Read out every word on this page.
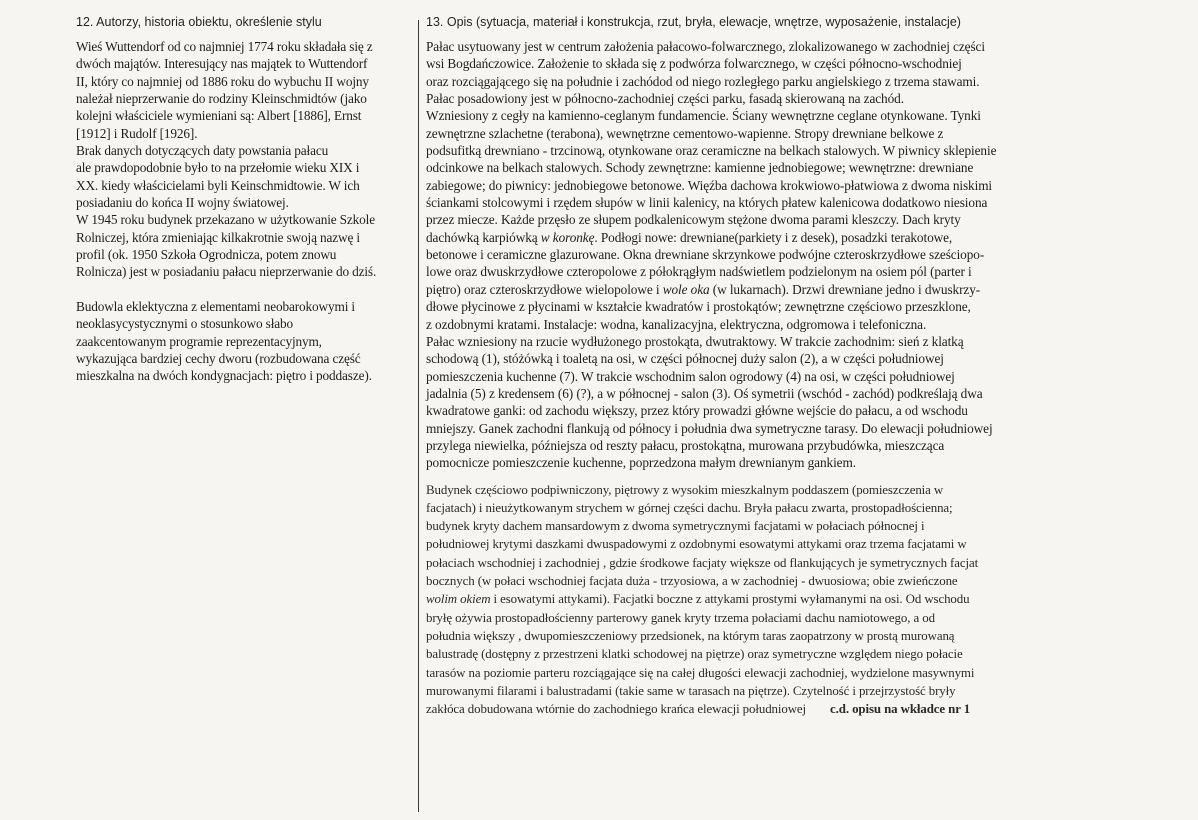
12. Autorzy, historia obiektu, określenie stylu

Wieś Wuttendorf od co najmniej 1774 roku składała się z
dwóch majątów. Interesujący nas majątek to Wuttendorf
II, który co najmniej od 1886 roku do wybuchu II wojny
należał nieprzerwanie do rodziny Kleinschmidtów (jako
kolejni właściciele wymieniani są: Albert [1886], Ernst
[1912] i Rudolf [1926].
Brak danych dotyczących daty powstania pałacu
ale prawdopodobnie było to na przełomie wieku XIX i
XX. kiedy właścicielami byli Keinschmidtowie. W ich
posiadaniu do końca II wojny światowej.
W 1945 roku budynek przekazano w użytkowanie Szkole
Rolniczej, która zmieniając kilkakrotnie swoją nazwę i
profil (ok. 1950 Szkoła Ogrodnicza, potem znowu
Rolnicza) jest w posiadaniu pałacu nieprzerwanie do dziś.

Budowla eklektyczna z elementami neobarokowymi i
neoklasycystycznymi o stosunkowo słabo
zaakcentowanym programie reprezentacyjnym,
wykazująca bardziej cechy dworu (rozbudowana część
mieszkalna na dwóch kondygnacjach: piętro i poddasze).

13. Opis (sytuacja, materiał i konstrukcja, rzut, bryła, elewacje, wnętrze, wyposażenie, instalacje)

Pałac usytuowany jest w centrum założenia pałacowo-folwarcznego, zlokalizowanego w zachodniej części
wsi Bogdańczowice. Założenie to składa się z podwórza folwarcznego, w części północno-wschodniej
oraz rozciągającego się na południe i zachódod od niego rozległego parku angielskiego z trzema stawami.
Pałac posadowiony jest w północno-zachodniej części parku, fasadą skierowaną na zachód.
Wzniesiony z cegły na kamienno-ceglanym fundamencie. Ściany wewnętrzne ceglane otynkowane. Tynki
zewnętrzne szlachetne (terabona), wewnętrzne cementowo-wapienne. Stropy drewniane belkowe z
podsufitką drewniano - trzcinową, otynkowane oraz ceramiczne na belkach stalowych. W piwnicy sklepienie
odcinkowe na belkach stalowych. Schody zewnętrzne: kamienne jednobiegowe; wewnętrzne: drewniane
zabiegowe; do piwnicy: jednobiegowe betonowe. Więźba dachowa krokwiowo-płatwiowa z dwoma niskimi
ściankami stolcowymi i rzędem słupów w linii kalenicy, na których płatew kalenicowa dodatkowo niesiona
przez miecze. Każde przęsło ze słupem podkalenicowym stężone dwoma parami kleszczy. Dach kryty
dachówką karpiówką w koronkę. Podłogi nowe: drewniane(parkiety i z desek), posadzki terakotowe,
betonowe i ceramiczne glazurowane. Okna drewniane skrzynkowe podwójne czteroskrzydłowe sześciopo-
lowe oraz dwuskrzydłowe czteropolowe z półokrągłym nadświetlem podzielonym na osiem pól (parter i
piętro) oraz czteroskrzydłowe wielopolowe i wole oka (w lukarnach). Drzwi drewniane jedno i dwuskrzy-
dłowe płycinowe z płycinami w kształcie kwadratów i prostokątów; zewnętrzne częściowo przeszklone,
z ozdobnymi kratami. Instalacje: wodna, kanalizacyjna, elektryczna, odgromowa i telefoniczna.
Pałac wzniesiony na rzucie wydłużonego prostokąta, dwutraktowy. W trakcie zachodnim: sień z klatką
schodową (1), stóżówką i toaletą na osi, w części północnej duży salon (2), a w części południowej
pomieszczenia kuchenne (7). W trakcie wschodnim salon ogrodowy (4) na osi, w części południowej
jadalnia (5) z kredensem (6) (?), a w północnej - salon (3). Oś symetrii (wschód - zachód) podkreślają dwa
kwadratowe ganki: od zachodu większy, przez który prowadzi główne wejście do pałacu, a od wschodu
mniejszy. Ganek zachodni flankują od północy i południa dwa symetryczne tarasy. Do elewacji południowej
przylega niewielka, późniejsza od reszty pałacu, prostokątna, murowana przybudówka, mieszcząca
pomocnicze pomieszczenie kuchenne, poprzedzona małym drewnianym gankiem.

Budynek częściowo podpiwniczony, piętrowy z wysokim mieszkalnym poddaszem (pomieszczenia w
facjatach) i nieużytkowanym strychem w górnej części dachu. Bryła pałacu zwarta, prostopadłościenna;
budynek kryty dachem mansardowym z dwoma symetrycznymi facjatami w połaciach północnej i
południowej krytymi daszkami dwuspadowymi z ozdobnymi esowatymi attykami oraz trzema facjatami w
połaciach wschodniej i zachodniej , gdzie środkowe facjaty większe od flankujących je symetrycznych facjat
bocznych (w połaci wschodniej facjata duża - trzyosiowa, a w zachodniej - dwuosiowa; obie zwieńczone
wolim okiem i esowatymi attykami). Facjatki boczne z attykami prostymi wyłamanymi na osi. Od wschodu
bryłę ożywia prostopadłościenny parterowy ganek kryty trzema połaciami dachu namiotowego, a od
południa większy , dwupomieszczeniowy przedsionek, na którym taras zaopatrzony w prostą murowaną
balustradę (dostępny z przestrzeni klatki schodowej na piętrze) oraz symetryczne względem niego połacie
tarasów na poziomie parteru rozciągające się na całej długości elewacji zachodniej, wydzielone masywnymi
murowanymi filarami i balustradami (takie same w tarasach na piętrze). Czytelność i przejrzystość bryły
zakłóca dobudowana wtórnie do zachodniego krańca elewacji południowej c.d. opisu na wkładce nr 1
